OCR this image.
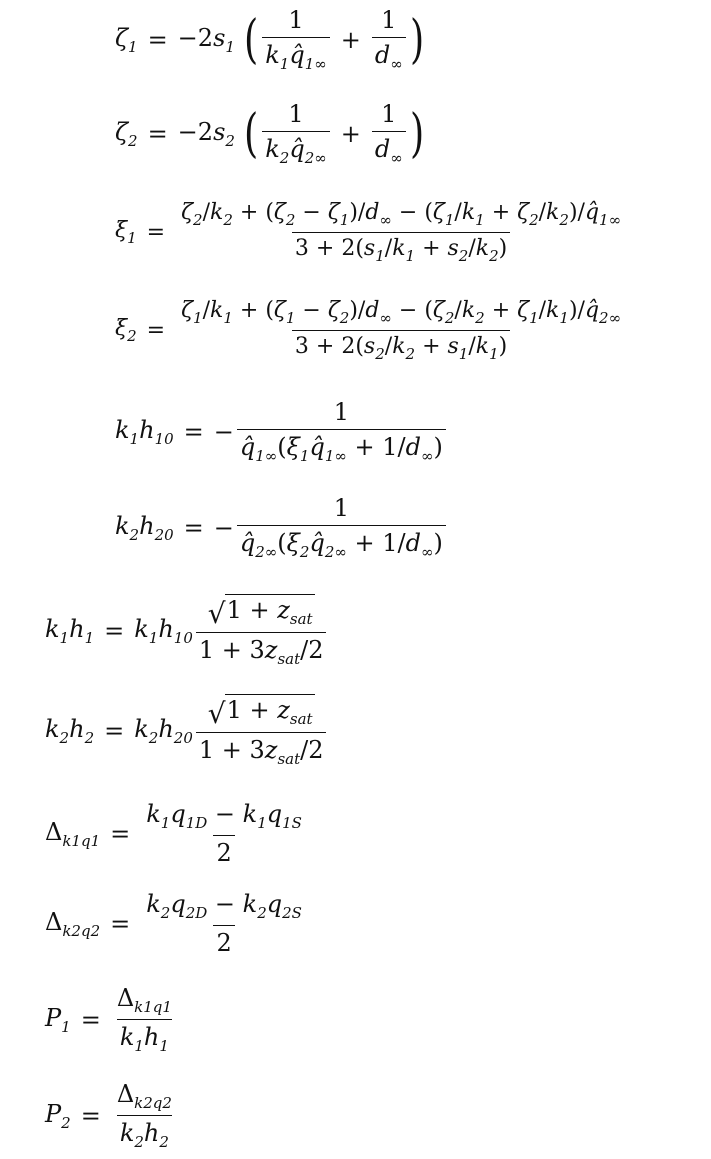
$\zeta_1 = -2s_1$ ( $\frac{1}{k_1q̂_{1\infty}} + \frac{1}{d_\infty}$ )
$\zeta_2 = -2s_2$ ( $\frac{1}{k_2q̂_{2\infty}} + \frac{1}{d_\infty}$ )
$\xi_1 = \frac{\zeta_2/k_2 + (\zeta_2 - \zeta_1)/d_\infty - (\zeta_1/k_1 + \zeta_2/k_2)/q̂_{1\infty}}{3 + 2(s_1/k_1 + s_2/k_2)}$
$\xi_2 = \frac{\zeta_1/k_1 + (\zeta_1 - \zeta_2)/d_\infty - (\zeta_2/k_2 + \zeta_1/k_1)/q̂_{2\infty}}{3 + 2(s_2/k_2 + s_1/k_1)}$
$k_1h_{10}$ = − $\frac{1}{q̂_{1\infty}(\xi_1q̂_{1\infty} + 1/d_\infty)}$
$k_2h_{20}$ = − $\frac{1}{q̂_{2\infty}(\xi_2q̂_{2\infty} + 1/d_\infty)}$
$k_1h_1 = k_1h_{10} \frac{√ 1 + z_{sat}}{1 + 3z_{sat}/2}$
$k_2h_2 = k_2h_{20} \frac{√ 1 + z_{sat}}{1 + 3z_{sat}/2}$
$\Delta_{k1q1} = \frac{k_1q_{1D} - k_1q_{1S}}{2}$
$\Delta_{k2q2} = \frac{k_2q_{2D} - k_2q_{2S}}{2}$
$P_1 = \frac{\Delta_{k1q1}}{k_1h_1}$
$P_2 = \frac{\Delta_{k2q2}}{k_2h_2}$
